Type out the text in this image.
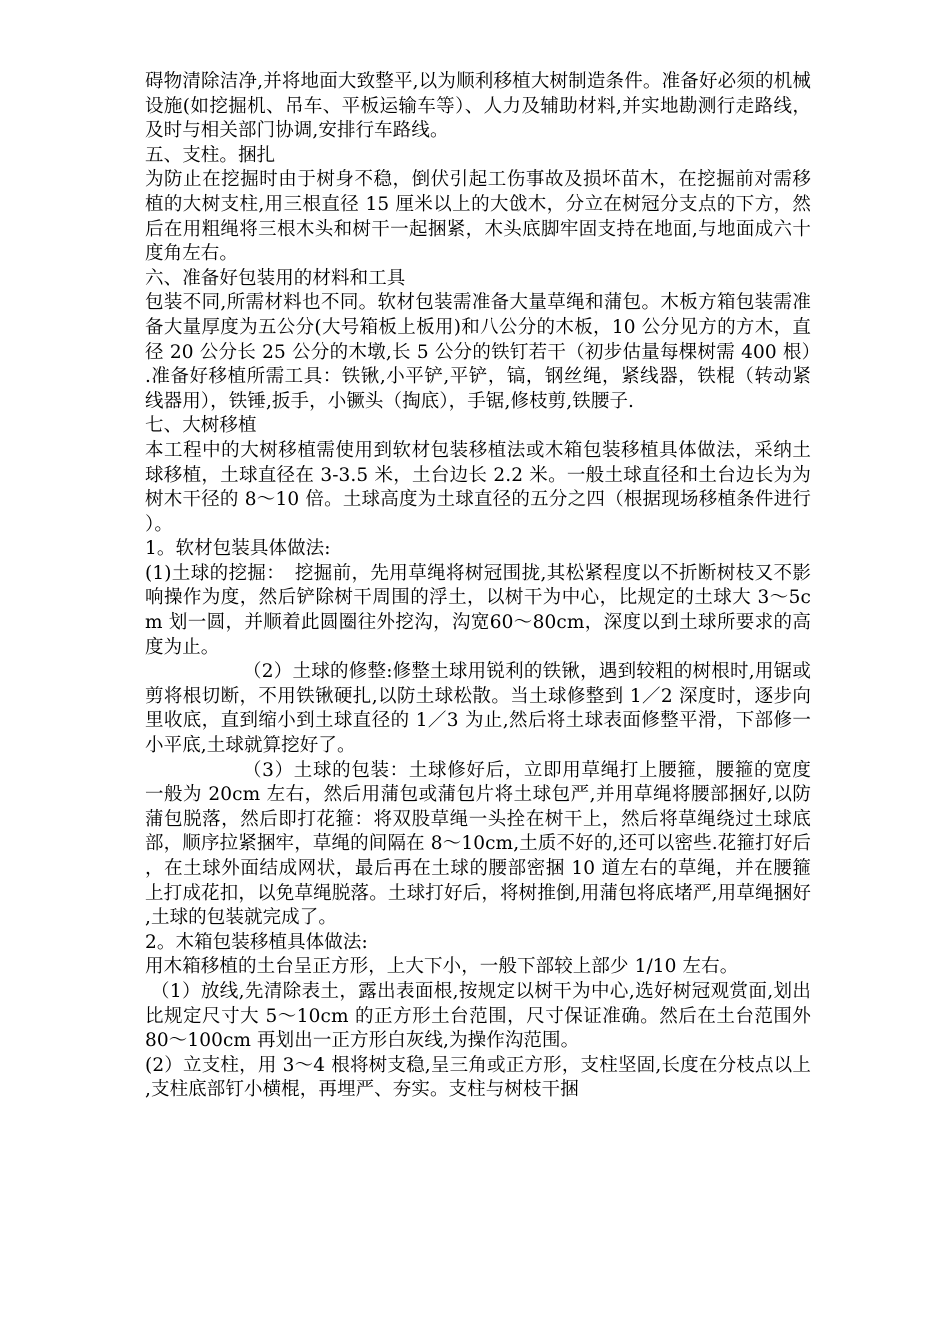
碍物清除洁净,并将地面大致整平,以为顺利移植大树制造条件。准备好必须的机械设施(如挖掘机、吊车、平板运输车等）、人力及辅助材料,并实地勘测行走路线，及时与相关部门协调,安排行车路线。

五、支柱。捆扎

为防止在挖掘时由于树身不稳，倒伏引起工伤事故及损坏苗木，在挖掘前对需移植的大树支柱,用三根直径 15 厘米以上的大戗木，分立在树冠分支点的下方，然后在用粗绳将三根木头和树干一起捆紧，木头底脚牢固支持在地面,与地面成六十度角左右。

六、准备好包装用的材料和工具

包装不同,所需材料也不同。软材包装需准备大量草绳和蒲包。木板方箱包装需准备大量厚度为五公分(大号箱板上板用)和八公分的木板，10 公分见方的方木，直径 20 公分长 25 公分的木墩,长 5 公分的铁钉若干（初步估量每棵树需 400 根）.准备好移植所需工具：铁锹,小平铲,平铲，镐，钢丝绳，紧线器，铁棍（转动紧线器用），铁锤,扳手，小镢头（掏底），手锯,修枝剪,铁腰子.

七、大树移植

本工程中的大树移植需使用到软材包装移植法或木箱包装移植具体做法，采纳土球移植，土球直径在 3-3.5 米，土台边长 2.2 米。一般土球直径和土台边长为为树木干径的 8～10 倍。土球高度为土球直径的五分之四（根据现场移植条件进行）。

1。软材包装具体做法:

(1)土球的挖掘：　挖掘前，先用草绳将树冠围拢,其松紧程度以不折断树枝又不影响操作为度，然后铲除树干周围的浮土，以树干为中心，比规定的土球大 3～5cm 划一圆，并顺着此圆圈往外挖沟，沟宽60～80cm，深度以到土球所要求的高度为止。

（2）土球的修整:修整土球用锐利的铁锹，遇到较粗的树根时,用锯或剪将根切断，不用铁锹硬扎,以防土球松散。当土球修整到 1／2 深度时，逐步向里收底，直到缩小到土球直径的 1／3 为止,然后将土球表面修整平滑，下部修一小平底,土球就算挖好了。

（3）土球的包装：土球修好后，立即用草绳打上腰箍，腰箍的宽度一般为 20cm 左右，然后用蒲包或蒲包片将土球包严,并用草绳将腰部捆好,以防蒲包脱落，然后即打花箍：将双股草绳一头拴在树干上，然后将草绳绕过土球底部，顺序拉紧捆牢，草绳的间隔在 8～10cm,土质不好的,还可以密些.花箍打好后，在土球外面结成网状，最后再在土球的腰部密捆 10 道左右的草绳，并在腰箍上打成花扣，以免草绳脱落。土球打好后，将树推倒,用蒲包将底堵严,用草绳捆好,土球的包装就完成了。

2。木箱包装移植具体做法:

用木箱移植的土台呈正方形，上大下小，一般下部较上部少 1/10 左右。

（1）放线,先清除表土，露出表面根,按规定以树干为中心,选好树冠观赏面,划出比规定尺寸大 5～10cm 的正方形土台范围，尺寸保证准确。然后在土台范围外 80～100cm 再划出一正方形白灰线,为操作沟范围。

(2）立支柱，用 3～4 根将树支稳,呈三角或正方形，支柱坚固,长度在分枝点以上,支柱底部钉小横棍，再埋严、夯实。支柱与树枝干捆
